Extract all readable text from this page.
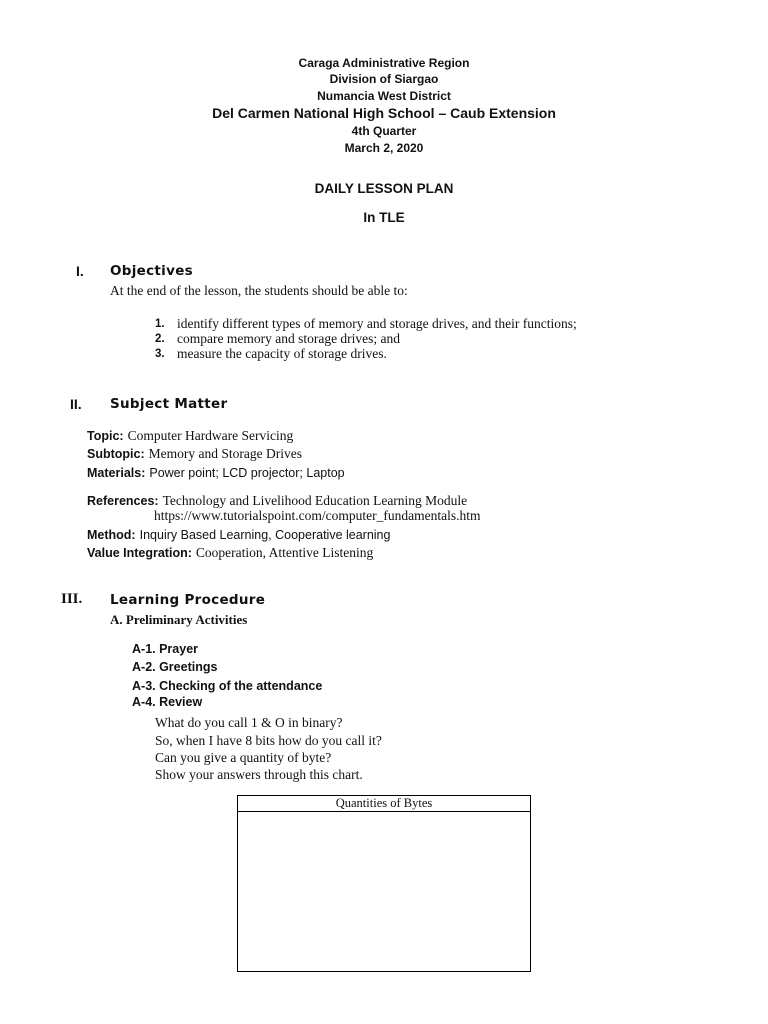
Caraga Administrative Region
Division of Siargao
Numancia West District
Del Carmen National High School – Caub Extension
4th Quarter
March 2, 2020
DAILY LESSON PLAN
In TLE
I. Objectives
At the end of the lesson, the students should be able to:
1. identify different types of memory and storage drives, and their functions;
2. compare memory and storage drives; and
3. measure the capacity of storage drives.
II. Subject Matter
Topic: Computer Hardware Servicing
Subtopic: Memory and Storage Drives
Materials: Power point; LCD projector; Laptop
References: Technology and Livelihood Education Learning Module
https://www.tutorialspoint.com/computer_fundamentals.htm
Method: Inquiry Based Learning, Cooperative learning
Value Integration: Cooperation, Attentive Listening
III. Learning Procedure
A. Preliminary Activities
A-1. Prayer
A-2. Greetings
A-3. Checking of the attendance
A-4. Review
What do you call 1 & O in binary?
So, when I have 8 bits how do you call it?
Can you give a quantity of byte?
Show your answers through this chart.
Quantities of Bytes
